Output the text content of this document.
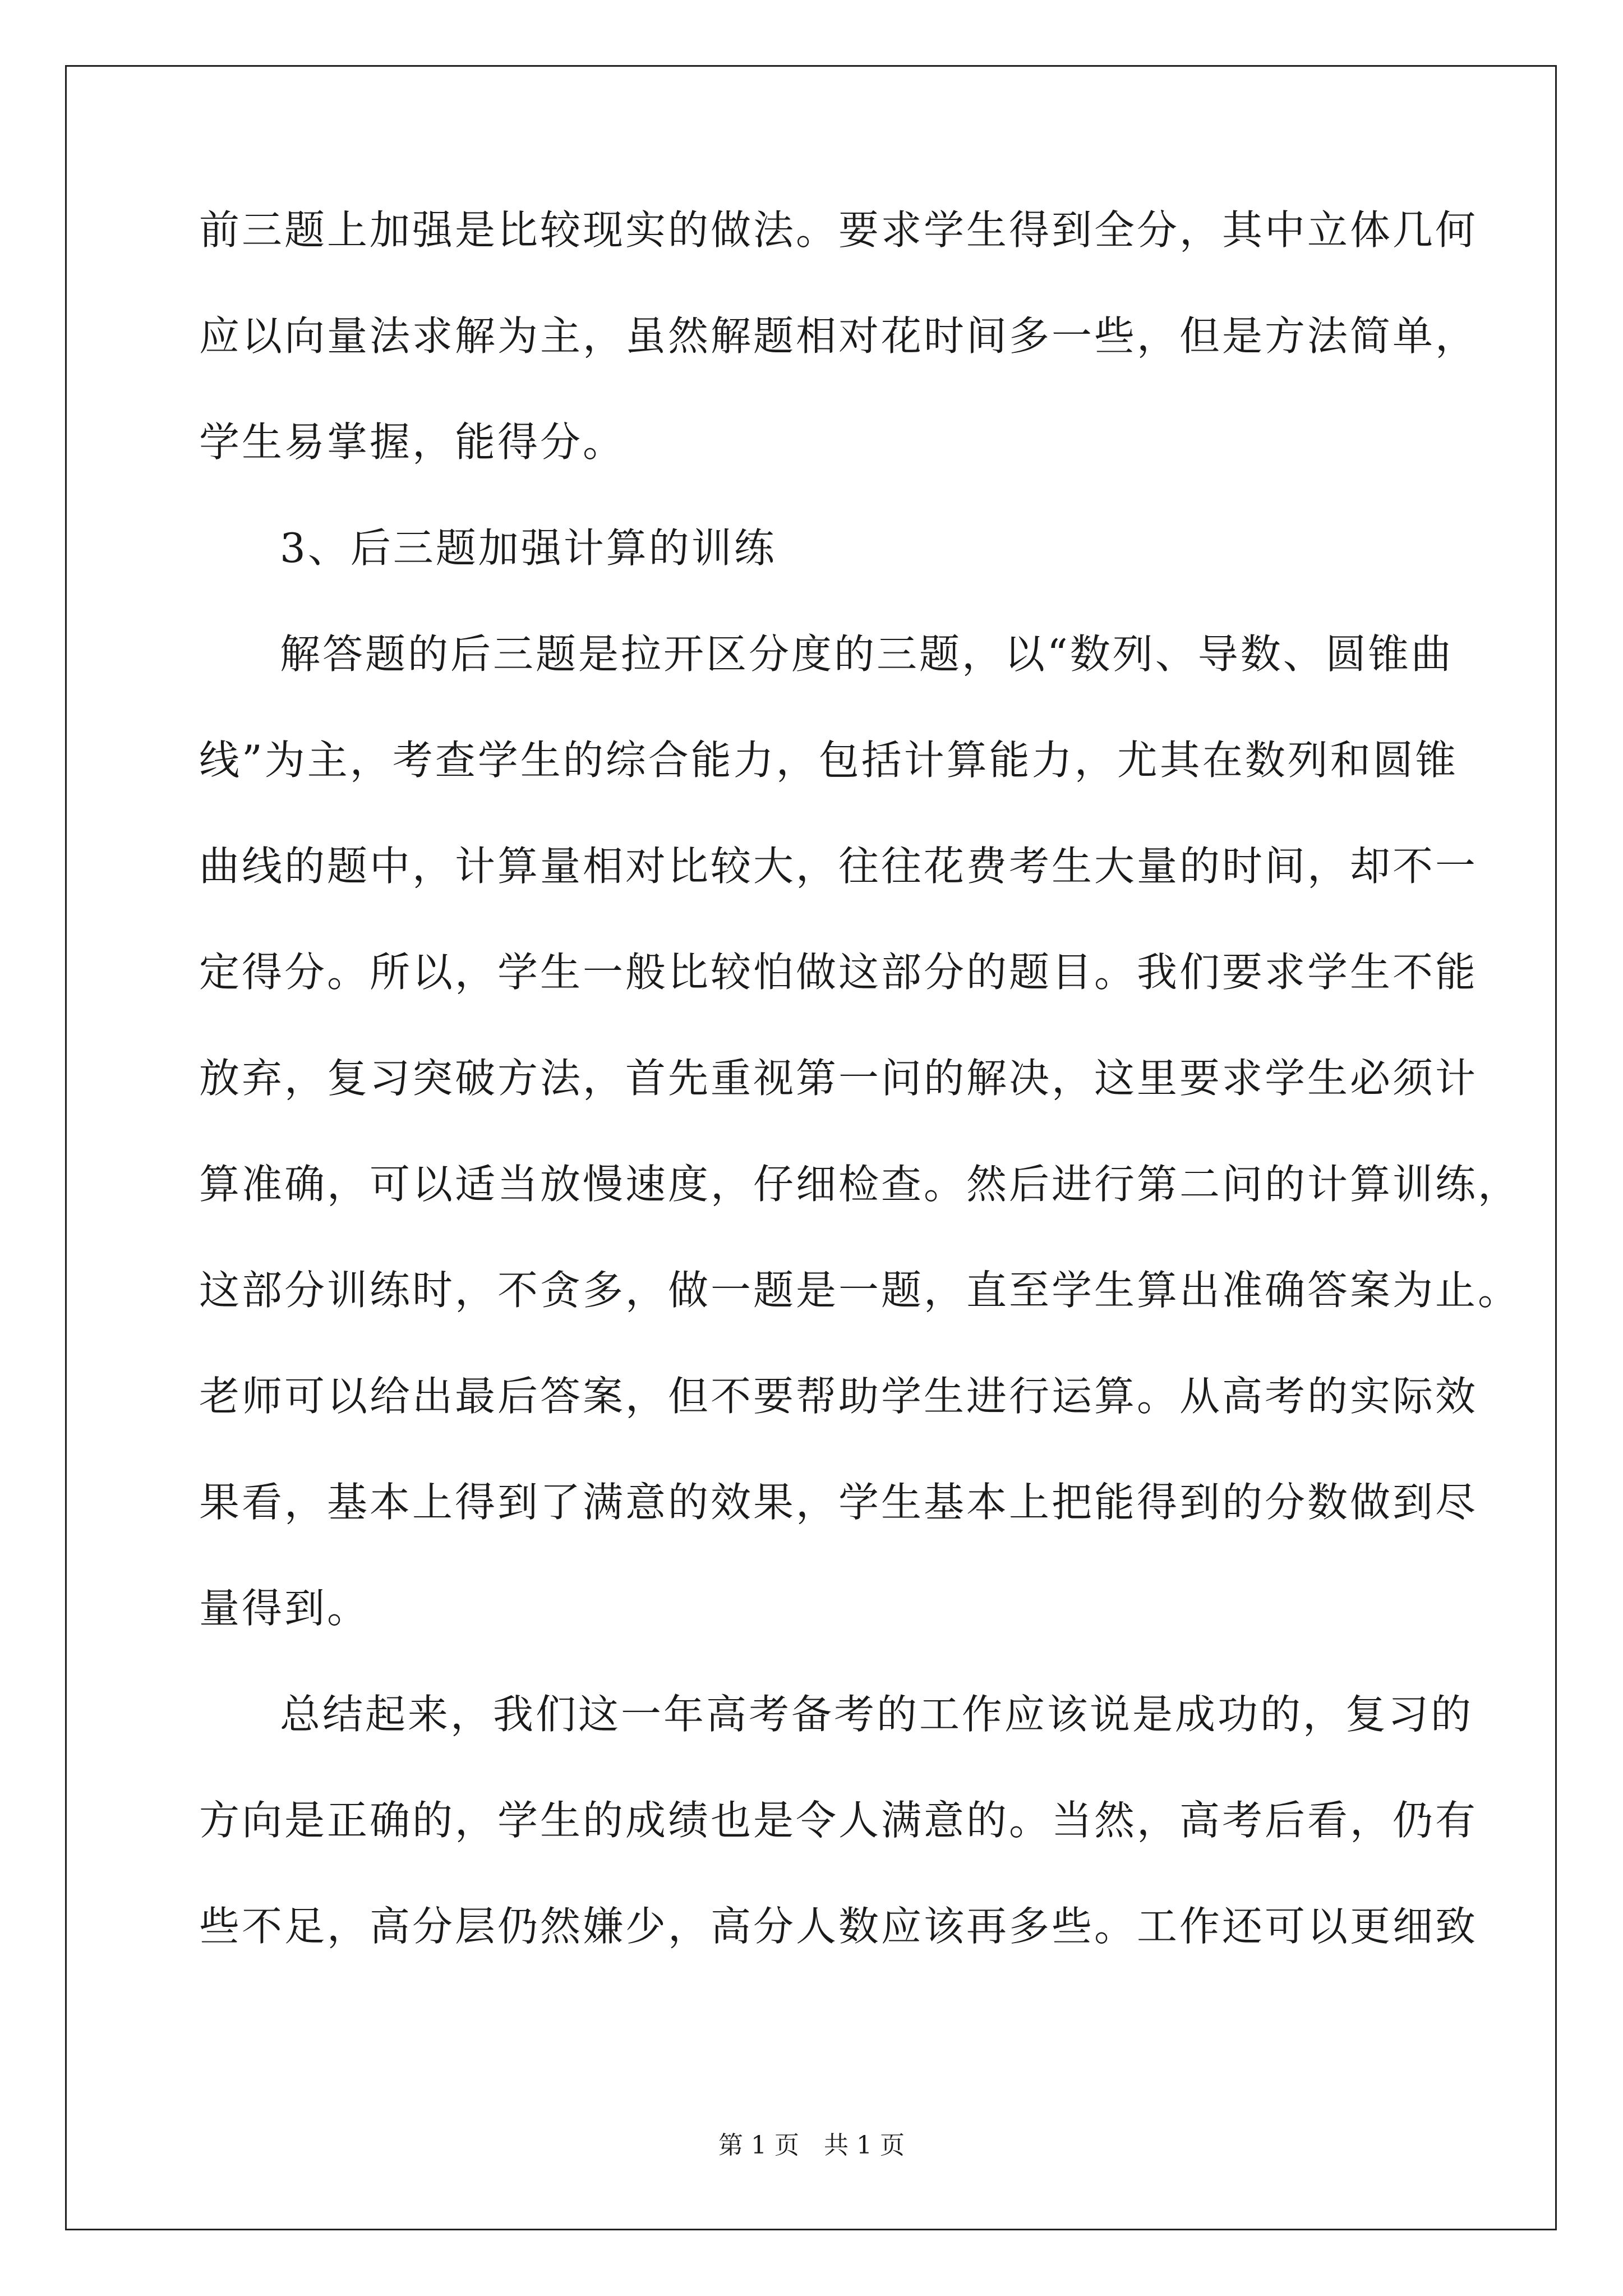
前三题上加强是比较现实的做法。要求学生得到全分，其中立体几何
应以向量法求解为主，虽然解题相对花时间多一些，但是方法简单，
学生易掌握，能得分。
3、后三题加强计算的训练
解答题的后三题是拉开区分度的三题，以“数列、导数、圆锥曲
线”为主，考查学生的综合能力，包括计算能力，尤其在数列和圆锥
曲线的题中，计算量相对比较大，往往花费考生大量的时间，却不一
定得分。所以，学生一般比较怕做这部分的题目。我们要求学生不能
放弃，复习突破方法，首先重视第一问的解决，这里要求学生必须计
算准确，可以适当放慢速度，仔细检查。然后进行第二问的计算训练，
这部分训练时，不贪多，做一题是一题，直至学生算出准确答案为止。
老师可以给出最后答案，但不要帮助学生进行运算。从高考的实际效
果看，基本上得到了满意的效果，学生基本上把能得到的分数做到尽
量得到。
总结起来，我们这一年高考备考的工作应该说是成功的，复习的
方向是正确的，学生的成绩也是令人满意的。当然，高考后看，仍有
些不足，高分层仍然嫌少，高分人数应该再多些。工作还可以更细致
第 1 页　共 1 页
